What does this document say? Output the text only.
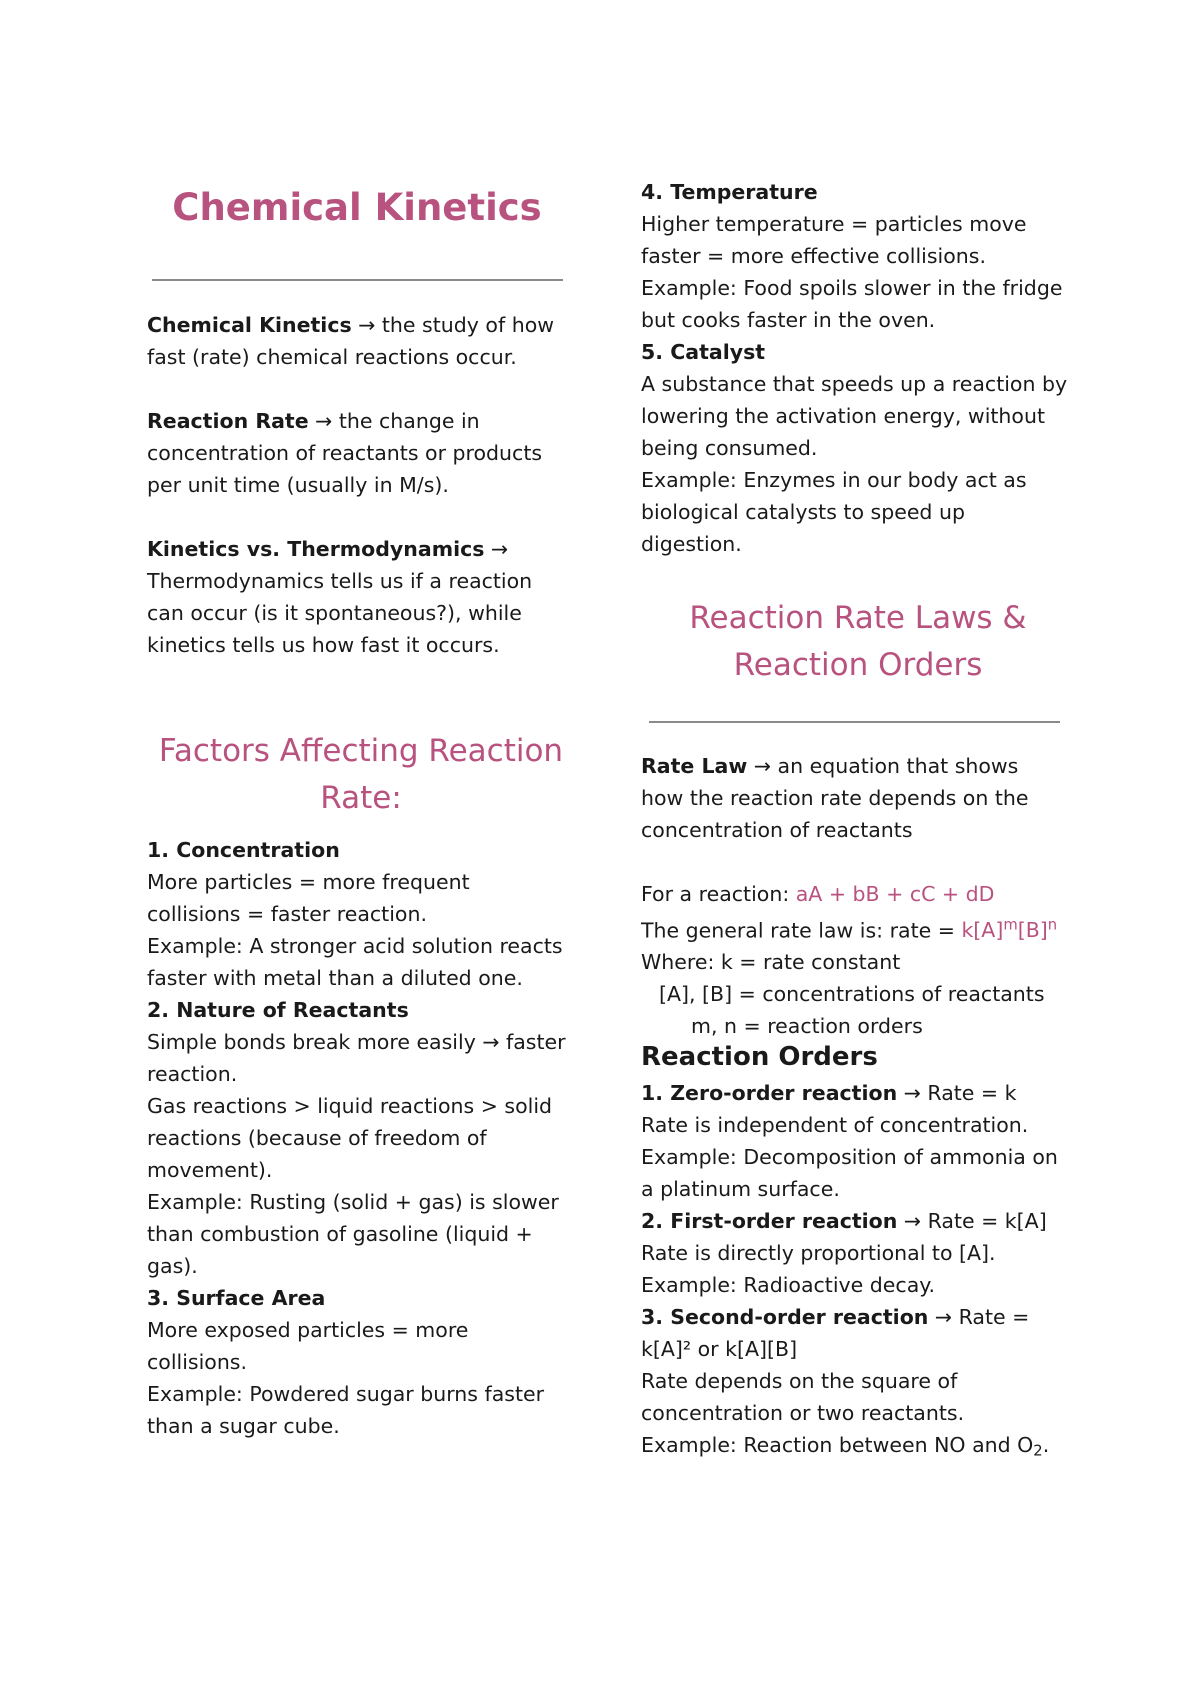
Chemical Kinetics
Chemical Kinetics → the study of how fast (rate) chemical reactions occur.
Reaction Rate → the change in concentration of reactants or products per unit time (usually in M/s).
Kinetics vs. Thermodynamics →
Thermodynamics tells us if a reaction can occur (is it spontaneous?), while kinetics tells us how fast it occurs.
Factors Affecting Reaction Rate:
1. Concentration
More particles = more frequent collisions = faster reaction.
Example: A stronger acid solution reacts faster with metal than a diluted one.
2. Nature of Reactants
Simple bonds break more easily → faster reaction.
Gas reactions > liquid reactions > solid reactions (because of freedom of movement).
Example: Rusting (solid + gas) is slower than combustion of gasoline (liquid + gas).
3. Surface Area
More exposed particles = more collisions.
Example: Powdered sugar burns faster than a sugar cube.
4. Temperature
Higher temperature = particles move faster = more effective collisions.
Example: Food spoils slower in the fridge but cooks faster in the oven.
5. Catalyst
A substance that speeds up a reaction by lowering the activation energy, without being consumed.
Example: Enzymes in our body act as biological catalysts to speed up digestion.
Reaction Rate Laws & Reaction Orders
Rate Law → an equation that shows how the reaction rate depends on the concentration of reactants
For a reaction: aA + bB + cC + dD
The general rate law is: rate = $k[A]^m[B]^n$
Where: k = rate constant
[A], [B] = concentrations of reactants
m, n = reaction orders
Reaction Orders
1. Zero-order reaction → Rate = k
Rate is independent of concentration.
Example: Decomposition of ammonia on a platinum surface.
2. First-order reaction → Rate = k[A]
Rate is directly proportional to [A].
Example: Radioactive decay.
3. Second-order reaction → Rate = k[A]² or k[A][B]
Rate depends on the square of concentration or two reactants.
Example: Reaction between NO and $O_2$.
